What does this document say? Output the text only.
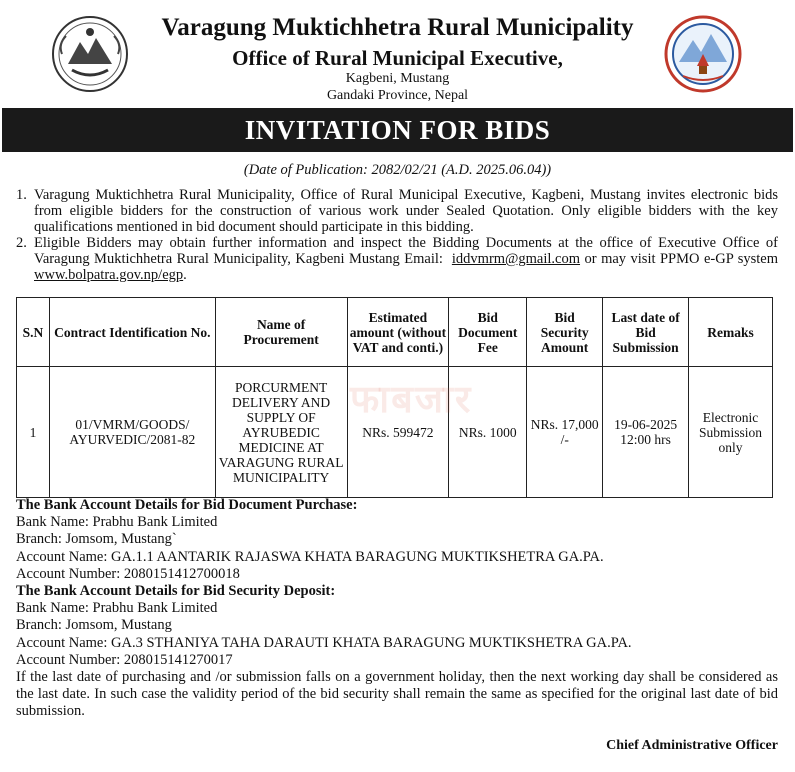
Varagung Muktichhetra Rural Municipality
Office of Rural Municipal Executive,
Kagbeni, Mustang
Gandaki Province, Nepal
INVITATION FOR BIDS
(Date of Publication: 2082/02/21 (A.D. 2025.06.04))
1. Varagung Muktichhetra Rural Municipality, Office of Rural Municipal Executive, Kagbeni, Mustang invites electronic bids from eligible bidders for the construction of various work under Sealed Quotation. Only eligible bidders with the key qualifications mentioned in bid document should participate in this bidding.
2. Eligible Bidders may obtain further information and inspect the Bidding Documents at the office of Executive Office of Varagung Muktichhetra Rural Municipality, Kagbeni Mustang Email: iddvmrm@gmail.com or may visit PPMO e-GP system www.bolpatra.gov.np/egp.
S.N	Contract Identification No.	Name of Procurement	Estimated amount (without VAT and conti.)	Bid Document Fee	Bid Security Amount	Last date of Bid Submission	Remaks
1	01/VMRM/GOODS/ AYURVEDIC/2081-82	PORCURMENT DELIVERY AND SUPPLY OF AYRUBEDIC MEDICINE AT VARAGUNG RURAL MUNICIPALITY	NRs. 599472	NRs. 1000	NRs. 17,000 /-	19-06-2025 12:00 hrs	Electronic Submission only
फाबजार
The Bank Account Details for Bid Document Purchase:
Bank Name: Prabhu Bank Limited
Branch: Jomsom, Mustang`
Account Name: GA.1.1 AANTARIK RAJASWA KHATA BARAGUNG MUKTIKSHETRA GA.PA.
Account Number: 2080151412700018
The Bank Account Details for Bid Security Deposit:
Bank Name: Prabhu Bank Limited
Branch: Jomsom, Mustang
Account Name: GA.3 STHANIYA TAHA DARAUTI KHATA BARAGUNG MUKTIKSHETRA GA.PA.
Account Number: 208015141270017
If the last date of purchasing and /or submission falls on a government holiday, then the next working day shall be considered as the last date. In such case the validity period of the bid security shall remain the same as specified for the original last date of bid submission.
Chief Administrative Officer
